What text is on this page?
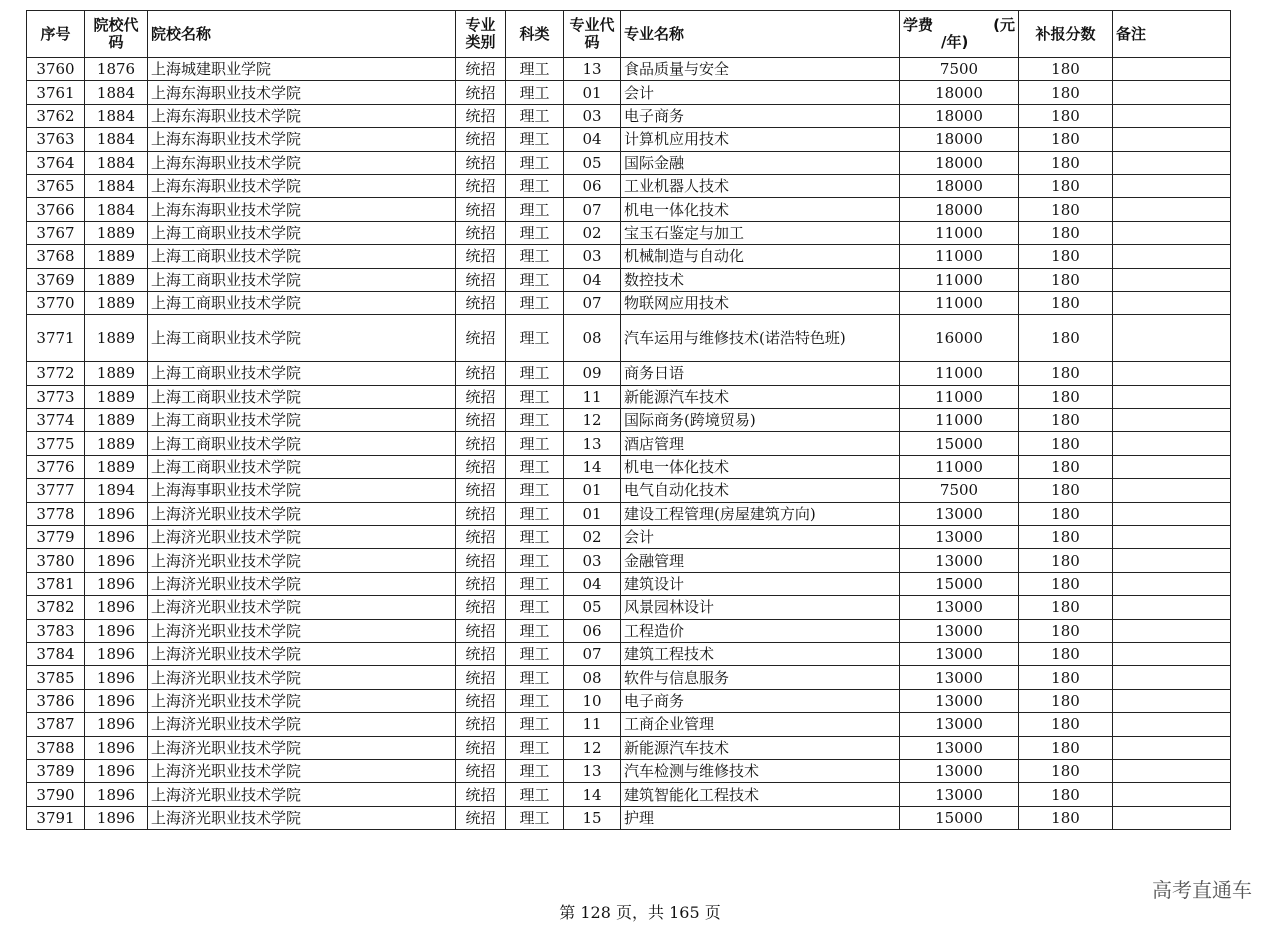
序号	院校代码	院校名称	专业类别	科类	专业代码	专业名称	学费 (元
/年)	补报分数	备注
3760	1876	上海城建职业学院	统招	理工	13	食品质量与安全	7500	180	
3761	1884	上海东海职业技术学院	统招	理工	01	会计	18000	180	
3762	1884	上海东海职业技术学院	统招	理工	03	电子商务	18000	180	
3763	1884	上海东海职业技术学院	统招	理工	04	计算机应用技术	18000	180	
3764	1884	上海东海职业技术学院	统招	理工	05	国际金融	18000	180	
3765	1884	上海东海职业技术学院	统招	理工	06	工业机器人技术	18000	180	
3766	1884	上海东海职业技术学院	统招	理工	07	机电一体化技术	18000	180	
3767	1889	上海工商职业技术学院	统招	理工	02	宝玉石鉴定与加工	11000	180	
3768	1889	上海工商职业技术学院	统招	理工	03	机械制造与自动化	11000	180	
3769	1889	上海工商职业技术学院	统招	理工	04	数控技术	11000	180	
3770	1889	上海工商职业技术学院	统招	理工	07	物联网应用技术	11000	180	
3771	1889	上海工商职业技术学院	统招	理工	08	汽车运用与维修技术(诺浩特色班)	16000	180	
3772	1889	上海工商职业技术学院	统招	理工	09	商务日语	11000	180	
3773	1889	上海工商职业技术学院	统招	理工	11	新能源汽车技术	11000	180	
3774	1889	上海工商职业技术学院	统招	理工	12	国际商务(跨境贸易)	11000	180	
3775	1889	上海工商职业技术学院	统招	理工	13	酒店管理	15000	180	
3776	1889	上海工商职业技术学院	统招	理工	14	机电一体化技术	11000	180	
3777	1894	上海海事职业技术学院	统招	理工	01	电气自动化技术	7500	180	
3778	1896	上海济光职业技术学院	统招	理工	01	建设工程管理(房屋建筑方向)	13000	180	
3779	1896	上海济光职业技术学院	统招	理工	02	会计	13000	180	
3780	1896	上海济光职业技术学院	统招	理工	03	金融管理	13000	180	
3781	1896	上海济光职业技术学院	统招	理工	04	建筑设计	15000	180	
3782	1896	上海济光职业技术学院	统招	理工	05	风景园林设计	13000	180	
3783	1896	上海济光职业技术学院	统招	理工	06	工程造价	13000	180	
3784	1896	上海济光职业技术学院	统招	理工	07	建筑工程技术	13000	180	
3785	1896	上海济光职业技术学院	统招	理工	08	软件与信息服务	13000	180	
3786	1896	上海济光职业技术学院	统招	理工	10	电子商务	13000	180	
3787	1896	上海济光职业技术学院	统招	理工	11	工商企业管理	13000	180	
3788	1896	上海济光职业技术学院	统招	理工	12	新能源汽车技术	13000	180	
3789	1896	上海济光职业技术学院	统招	理工	13	汽车检测与维修技术	13000	180	
3790	1896	上海济光职业技术学院	统招	理工	14	建筑智能化工程技术	13000	180	
3791	1896	上海济光职业技术学院	统招	理工	15	护理	15000	180	
第 128 页，共 165 页
高考直通车
